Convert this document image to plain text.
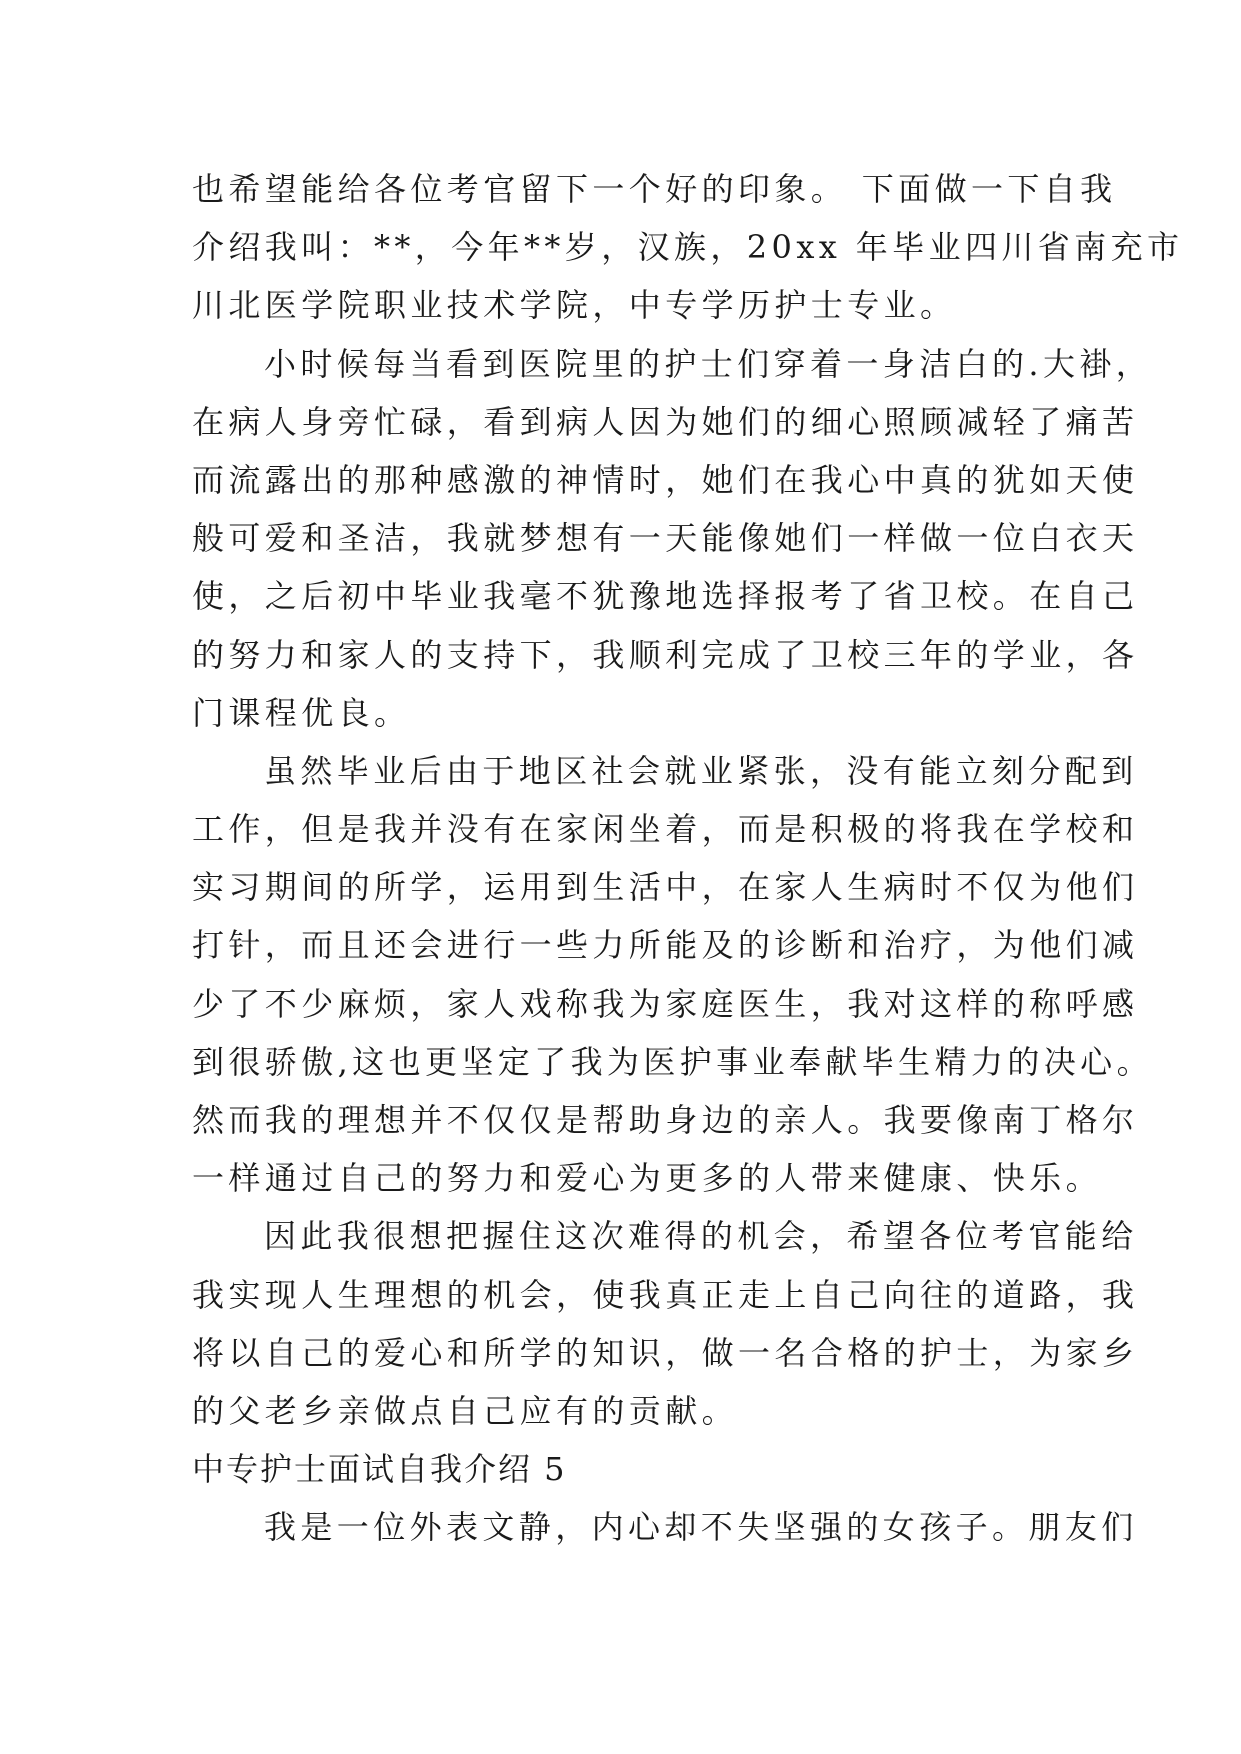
也希望能给各位考官留下一个好的印象。 下面做一下自我
介绍我叫：**，今年**岁，汉族，20xx 年毕业四川省南充市
川北医学院职业技术学院，中专学历护士专业。
小时候每当看到医院里的护士们穿着一身洁白的.大褂，
在病人身旁忙碌，看到病人因为她们的细心照顾减轻了痛苦
而流露出的那种感激的神情时，她们在我心中真的犹如天使
般可爱和圣洁，我就梦想有一天能像她们一样做一位白衣天
使，之后初中毕业我毫不犹豫地选择报考了省卫校。在自己
的努力和家人的支持下，我顺利完成了卫校三年的学业，各
门课程优良。
虽然毕业后由于地区社会就业紧张，没有能立刻分配到
工作，但是我并没有在家闲坐着，而是积极的将我在学校和
实习期间的所学，运用到生活中，在家人生病时不仅为他们
打针，而且还会进行一些力所能及的诊断和治疗，为他们减
少了不少麻烦，家人戏称我为家庭医生，我对这样的称呼感
到很骄傲,这也更坚定了我为医护事业奉献毕生精力的决心。
然而我的理想并不仅仅是帮助身边的亲人。我要像南丁格尔
一样通过自己的努力和爱心为更多的人带来健康、快乐。
因此我很想把握住这次难得的机会，希望各位考官能给
我实现人生理想的机会，使我真正走上自己向往的道路，我
将以自己的爱心和所学的知识，做一名合格的护士，为家乡
的父老乡亲做点自己应有的贡献。
中专护士面试自我介绍 5
我是一位外表文静，内心却不失坚强的女孩子。朋友们
